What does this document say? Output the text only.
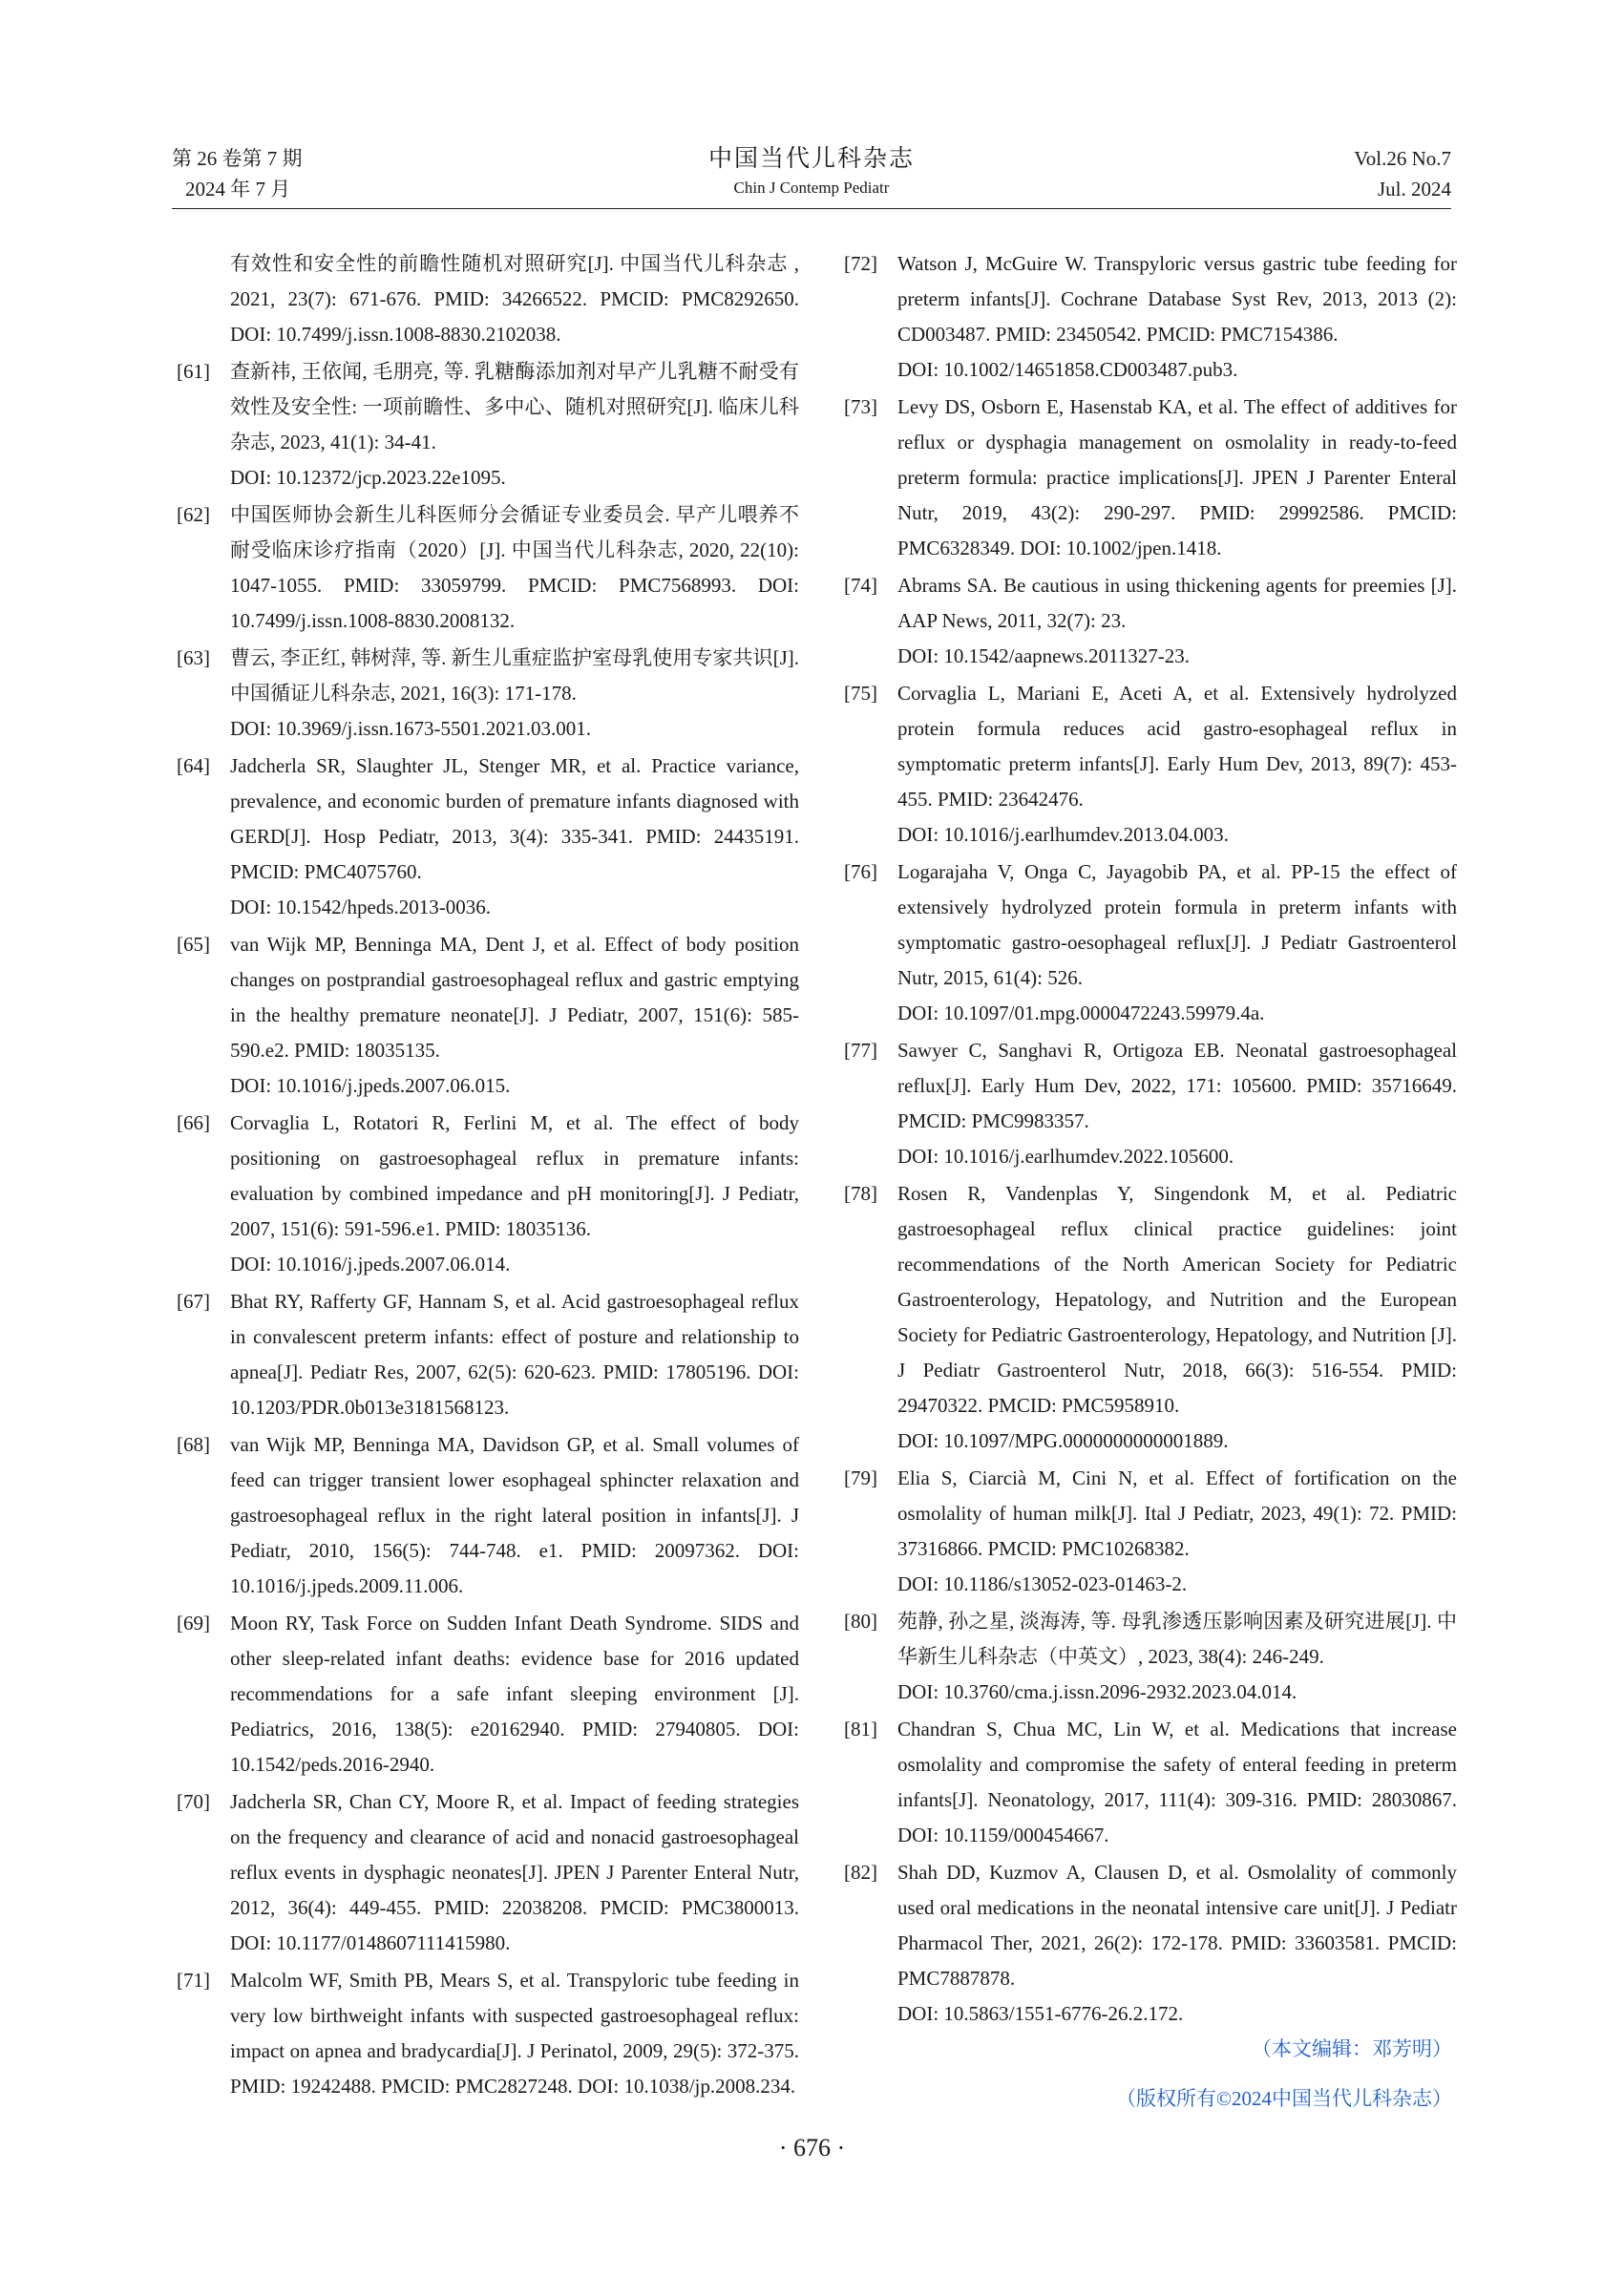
第 26 卷第 7 期
2024 年 7 月
中国当代儿科杂志
Chin J Contemp Pediatr
Vol.26 No.7
Jul. 2024
有效性和安全性的前瞻性随机对照研究[J]. 中国当代儿科杂志 , 2021, 23(7): 671-676. PMID: 34266522. PMCID: PMC8292650. DOI: 10.7499/j.issn.1008-8830.2102038.
[61]	查新祎, 王依闻, 毛朋亮, 等. 乳糖酶添加剂对早产儿乳糖不耐受有效性及安全性: 一项前瞻性、多中心、随机对照研究[J]. 临床儿科杂志, 2023, 41(1): 34-41.
DOI: 10.12372/jcp.2023.22e1095.
[62]	中国医师协会新生儿科医师分会循证专业委员会. 早产儿喂养不耐受临床诊疗指南（2020）[J]. 中国当代儿科杂志, 2020, 22(10): 1047-1055. PMID: 33059799. PMCID: PMC7568993. DOI: 10.7499/j.issn.1008-8830.2008132.
[63]	曹云, 李正红, 韩树萍, 等. 新生儿重症监护室母乳使用专家共识[J]. 中国循证儿科杂志, 2021, 16(3): 171-178.
DOI: 10.3969/j.issn.1673-5501.2021.03.001.
[64]	Jadcherla SR, Slaughter JL, Stenger MR, et al. Practice variance, prevalence, and economic burden of premature infants diagnosed with GERD[J]. Hosp Pediatr, 2013, 3(4): 335-341. PMID: 24435191. PMCID: PMC4075760.
DOI: 10.1542/hpeds.2013-0036.
[65]	van Wijk MP, Benninga MA, Dent J, et al. Effect of body position changes on postprandial gastroesophageal reflux and gastric emptying in the healthy premature neonate[J]. J Pediatr, 2007, 151(6): 585-590.e2. PMID: 18035135.
DOI: 10.1016/j.jpeds.2007.06.015.
[66]	Corvaglia L, Rotatori R, Ferlini M, et al. The effect of body positioning on gastroesophageal reflux in premature infants: evaluation by combined impedance and pH monitoring[J]. J Pediatr, 2007, 151(6): 591-596.e1. PMID: 18035136.
DOI: 10.1016/j.jpeds.2007.06.014.
[67]	Bhat RY, Rafferty GF, Hannam S, et al. Acid gastroesophageal reflux in convalescent preterm infants: effect of posture and relationship to apnea[J]. Pediatr Res, 2007, 62(5): 620-623. PMID: 17805196. DOI: 10.1203/PDR.0b013e3181568123.
[68]	van Wijk MP, Benninga MA, Davidson GP, et al. Small volumes of feed can trigger transient lower esophageal sphincter relaxation and gastroesophageal reflux in the right lateral position in infants[J]. J Pediatr, 2010, 156(5): 744-748. e1. PMID: 20097362. DOI: 10.1016/j.jpeds.2009.11.006.
[69]	Moon RY, Task Force on Sudden Infant Death Syndrome. SIDS and other sleep-related infant deaths: evidence base for 2016 updated recommendations for a safe infant sleeping environment [J]. Pediatrics, 2016, 138(5): e20162940. PMID: 27940805. DOI: 10.1542/peds.2016-2940.
[70]	Jadcherla SR, Chan CY, Moore R, et al. Impact of feeding strategies on the frequency and clearance of acid and nonacid gastroesophageal reflux events in dysphagic neonates[J]. JPEN J Parenter Enteral Nutr, 2012, 36(4): 449-455. PMID: 22038208. PMCID: PMC3800013. DOI: 10.1177/0148607111415980.
[71]	Malcolm WF, Smith PB, Mears S, et al. Transpyloric tube feeding in very low birthweight infants with suspected gastroesophageal reflux: impact on apnea and bradycardia[J]. J Perinatol, 2009, 29(5): 372-375. PMID: 19242488. PMCID: PMC2827248. DOI: 10.1038/jp.2008.234.
[72]	Watson J, McGuire W. Transpyloric versus gastric tube feeding for preterm infants[J]. Cochrane Database Syst Rev, 2013, 2013 (2): CD003487. PMID: 23450542. PMCID: PMC7154386.
DOI: 10.1002/14651858.CD003487.pub3.
[73]	Levy DS, Osborn E, Hasenstab KA, et al. The effect of additives for reflux or dysphagia management on osmolality in ready-to-feed preterm formula: practice implications[J]. JPEN J Parenter Enteral Nutr, 2019, 43(2): 290-297. PMID: 29992586. PMCID: PMC6328349. DOI: 10.1002/jpen.1418.
[74]	Abrams SA. Be cautious in using thickening agents for preemies [J]. AAP News, 2011, 32(7): 23.
DOI: 10.1542/aapnews.2011327-23.
[75]	Corvaglia L, Mariani E, Aceti A, et al. Extensively hydrolyzed protein formula reduces acid gastro-esophageal reflux in symptomatic preterm infants[J]. Early Hum Dev, 2013, 89(7): 453-455. PMID: 23642476.
DOI: 10.1016/j.earlhumdev.2013.04.003.
[76]	Logarajaha V, Onga C, Jayagobib PA, et al. PP-15 the effect of extensively hydrolyzed protein formula in preterm infants with symptomatic gastro-oesophageal reflux[J]. J Pediatr Gastroenterol Nutr, 2015, 61(4): 526.
DOI: 10.1097/01.mpg.0000472243.59979.4a.
[77]	Sawyer C, Sanghavi R, Ortigoza EB. Neonatal gastroesophageal reflux[J]. Early Hum Dev, 2022, 171: 105600. PMID: 35716649. PMCID: PMC9983357.
DOI: 10.1016/j.earlhumdev.2022.105600.
[78]	Rosen R, Vandenplas Y, Singendonk M, et al. Pediatric gastroesophageal reflux clinical practice guidelines: joint recommendations of the North American Society for Pediatric Gastroenterology, Hepatology, and Nutrition and the European Society for Pediatric Gastroenterology, Hepatology, and Nutrition [J]. J Pediatr Gastroenterol Nutr, 2018, 66(3): 516-554. PMID: 29470322. PMCID: PMC5958910.
DOI: 10.1097/MPG.0000000000001889.
[79]	Elia S, Ciarcià M, Cini N, et al. Effect of fortification on the osmolality of human milk[J]. Ital J Pediatr, 2023, 49(1): 72. PMID: 37316866. PMCID: PMC10268382.
DOI: 10.1186/s13052-023-01463-2.
[80]	苑静, 孙之星, 淡海涛, 等. 母乳渗透压影响因素及研究进展[J]. 中华新生儿科杂志（中英文）, 2023, 38(4): 246-249.
DOI: 10.3760/cma.j.issn.2096-2932.2023.04.014.
[81]	Chandran S, Chua MC, Lin W, et al. Medications that increase osmolality and compromise the safety of enteral feeding in preterm infants[J]. Neonatology, 2017, 111(4): 309-316. PMID: 28030867. DOI: 10.1159/000454667.
[82]	Shah DD, Kuzmov A, Clausen D, et al. Osmolality of commonly used oral medications in the neonatal intensive care unit[J]. J Pediatr Pharmacol Ther, 2021, 26(2): 172-178. PMID: 33603581. PMCID: PMC7887878.
DOI: 10.5863/1551-6776-26.2.172.
（本文编辑：邓芳明）
（版权所有©2024中国当代儿科杂志）
· 676 ·
